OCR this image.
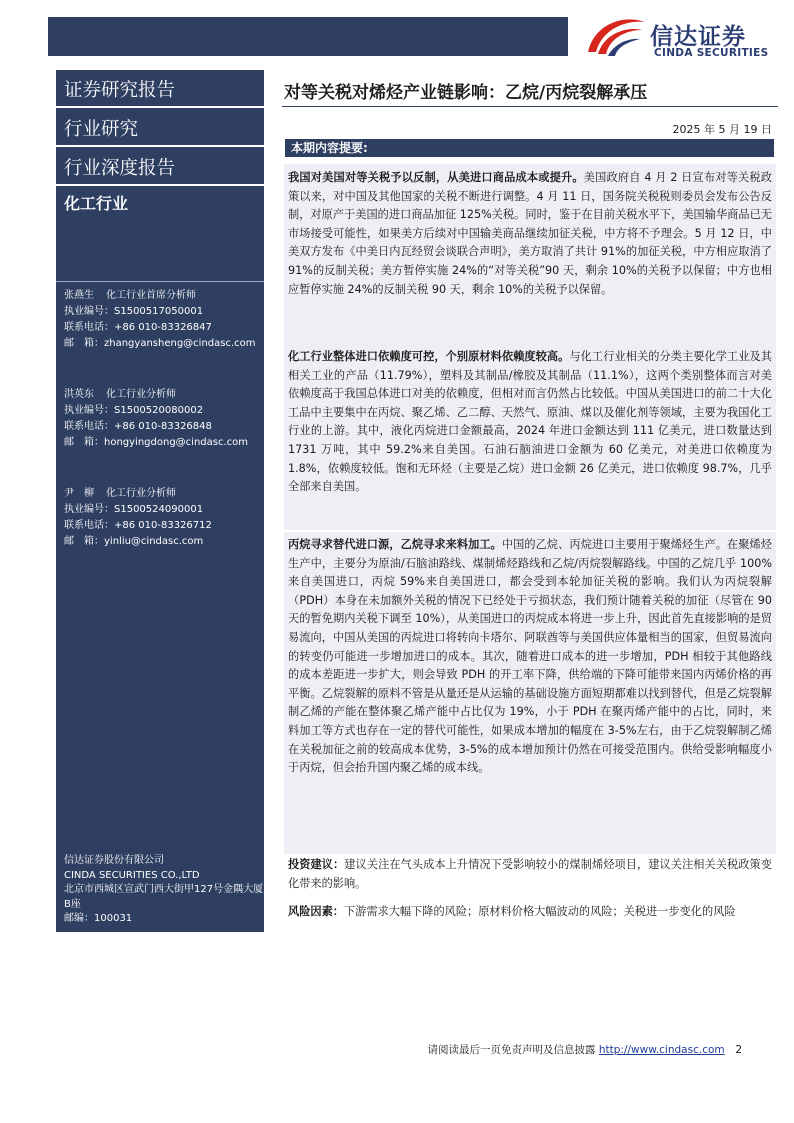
信达证券
CINDA SECURITIES
证券研究报告
行业研究
行业深度报告
化工行业
张燕生 化工行业首席分析师
执业编号：S1500517050001
联系电话：+86 010-83326847
邮　箱：zhangyansheng@cindasc.com
洪英东 化工行业分析师
执业编号：S1500520080002
联系电话：+86 010-83326848
邮　箱：hongyingdong@cindasc.com
尹　柳 化工行业分析师
执业编号：S1500524090001
联系电话：+86 010-83326712
邮　箱：yinliu@cindasc.com
信达证券股份有限公司
CINDA SECURITIES CO.,LTD
北京市西城区宣武门西大街甲127号金隅大厦B座
邮编：100031
对等关税对烯烃产业链影响：乙烷/丙烷裂解承压
2025 年 5 月 19 日
本期内容提要:
我国对美国对等关税予以反制，从美进口商品成本或提升。美国政府自 4 月 2 日宣布对等关税政策以来，对中国及其他国家的关税不断进行调整。4 月 11 日，国务院关税税则委员会发布公告反制，对原产于美国的进口商品加征 125%关税。同时，鉴于在目前关税水平下，美国输华商品已无市场接受可能性，如果美方后续对中国输美商品继续加征关税，中方将不予理会。5 月 12 日，中美双方发布《中美日内瓦经贸会谈联合声明》，美方取消了共计 91%的加征关税，中方相应取消了 91%的反制关税；美方暂停实施 24%的“对等关税”90 天，剩余 10%的关税予以保留；中方也相应暂停实施 24%的反制关税 90 天，剩余 10%的关税予以保留。
化工行业整体进口依赖度可控，个别原材料依赖度较高。与化工行业相关的分类主要化学工业及其相关工业的产品（11.79%），塑料及其制品/橡胶及其制品（11.1%），这两个类别整体而言对美依赖度高于我国总体进口对美的依赖度，但相对而言仍然占比较低。中国从美国进口的前二十大化工品中主要集中在丙烷、聚乙烯、乙二醇、天然气、原油、煤以及催化剂等领域，主要为我国化工行业的上游。其中，液化丙烷进口金额最高，2024 年进口金额达到 111 亿美元，进口数量达到 1731 万吨，其中 59.2%来自美国。石油石脑油进口金额为 60 亿美元，对美进口依赖度为 1.8%，依赖度较低。饱和无环烃（主要是乙烷）进口金额 26 亿美元，进口依赖度 98.7%，几乎全部来自美国。
丙烷寻求替代进口源，乙烷寻求来料加工。中国的乙烷、丙烷进口主要用于聚烯烃生产。在聚烯烃生产中，主要分为原油/石脑油路线、煤制烯烃路线和乙烷/丙烷裂解路线。中国的乙烷几乎 100%来自美国进口，丙烷 59%来自美国进口，都会受到本轮加征关税的影响。我们认为丙烷裂解（PDH）本身在未加额外关税的情况下已经处于亏损状态，我们预计随着关税的加征（尽管在 90 天的暂免期内关税下调至 10%），从美国进口的丙烷成本将进一步上升，因此首先直接影响的是贸易流向，中国从美国的丙烷进口将转向卡塔尔、阿联酋等与美国供应体量相当的国家，但贸易流向的转变仍可能进一步增加进口的成本。其次，随着进口成本的进一步增加，PDH 相较于其他路线的成本差距进一步扩大，则会导致 PDH 的开工率下降，供给端的下降可能带来国内丙烯价格的再平衡。乙烷裂解的原料不管是从量还是从运输的基础设施方面短期都难以找到替代，但是乙烷裂解制乙烯的产能在整体聚乙烯产能中占比仅为 19%，小于 PDH 在聚丙烯产能中的占比，同时，来料加工等方式也存在一定的替代可能性，如果成本增加的幅度在 3-5%左右，由于乙烷裂解制乙烯在关税加征之前的较高成本优势，3-5%的成本增加预计仍然在可接受范围内。供给受影响幅度小于丙烷，但会抬升国内聚乙烯的成本线。
投资建议：建议关注在气头成本上升情况下受影响较小的煤制烯烃项目，建议关注相关关税政策变化带来的影响。
风险因素：下游需求大幅下降的风险；原材料价格大幅波动的风险；关税进一步变化的风险
请阅读最后一页免责声明及信息披露 http://www.cindasc.com 2
